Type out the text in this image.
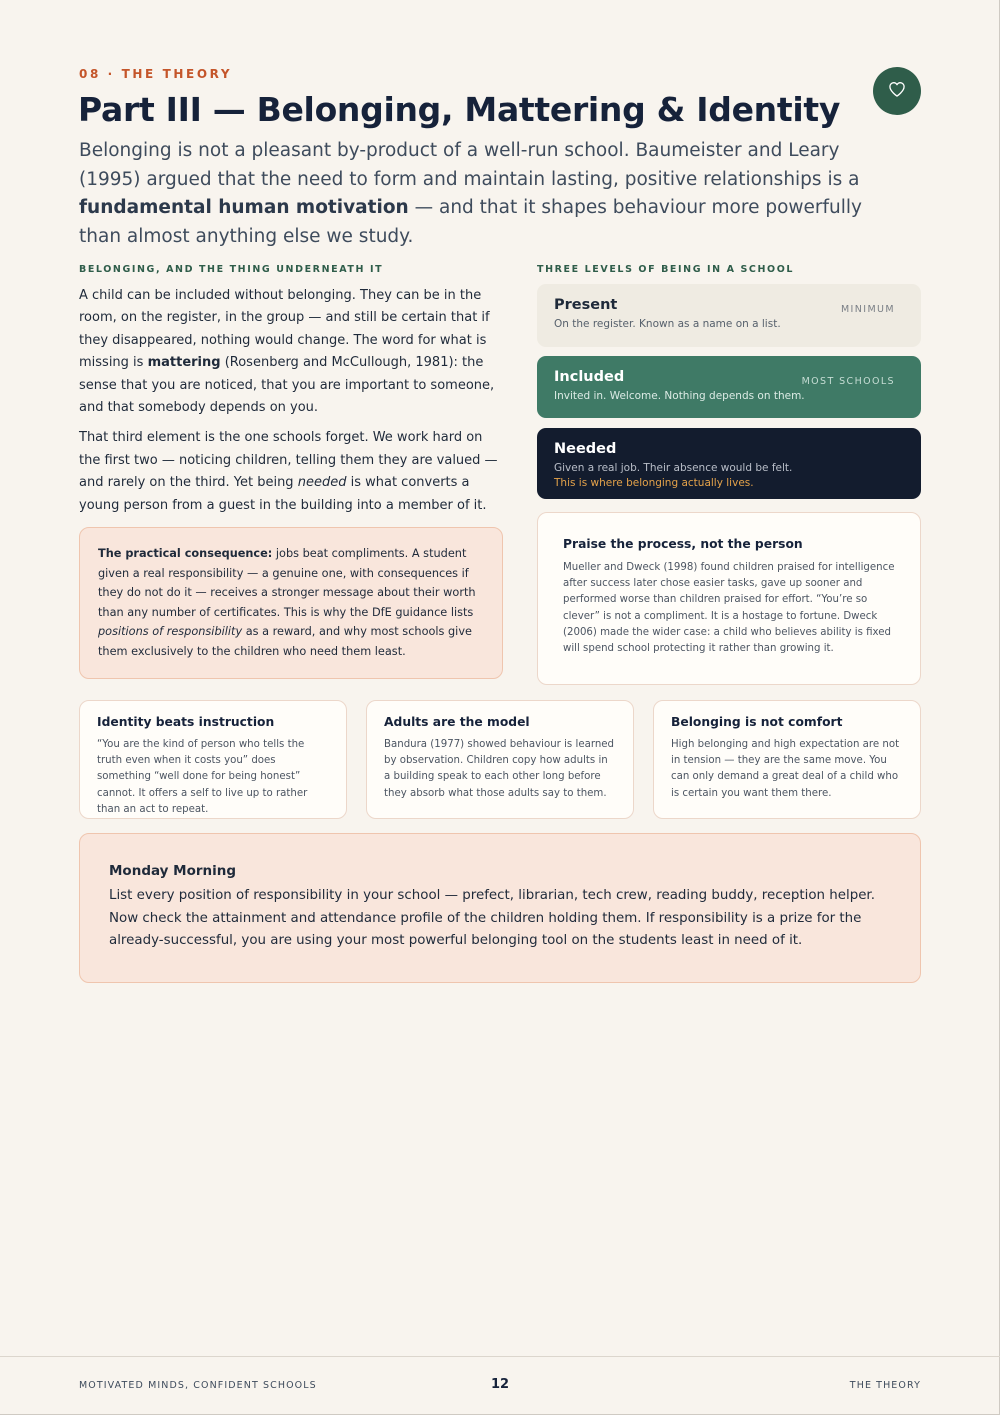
08 · THE THEORY
Part III — Belonging, Mattering & Identity

Belonging is not a pleasant by-product of a well-run school. Baumeister and Leary (1995) argued that the need to form and maintain lasting, positive relationships is a fundamental human motivation — and that it shapes behaviour more powerfully than almost anything else we study.

BELONGING, AND THE THING UNDERNEATH IT

A child can be included without belonging. They can be in the room, on the register, in the group — and still be certain that if they disappeared, nothing would change. The word for what is missing is mattering (Rosenberg and McCullough, 1981): the sense that you are noticed, that you are important to someone, and that somebody depends on you.

That third element is the one schools forget. We work hard on the first two — noticing children, telling them they are valued — and rarely on the third. Yet being needed is what converts a young person from a guest in the building into a member of it.

The practical consequence: jobs beat compliments. A student given a real responsibility — a genuine one, with consequences if they do not do it — receives a stronger message about their worth than any number of certificates. This is why the DfE guidance lists positions of responsibility as a reward, and why most schools give them exclusively to the children who need them least.
THREE LEVELS OF BEING IN A SCHOOL
Present
On the register. Known as a name on a list.
MINIMUM
Included
Invited in. Welcome. Nothing depends on them.
MOST SCHOOLS
Needed
Given a real job. Their absence would be felt.
This is where belonging actually lives.
Praise the process, not the person
Mueller and Dweck (1998) found children praised for intelligence after success later chose easier tasks, gave up sooner and performed worse than children praised for effort. “You’re so clever” is not a compliment. It is a hostage to fortune. Dweck (2006) made the wider case: a child who believes ability is fixed will spend school protecting it rather than growing it.
Identity beats instruction
“You are the kind of person who tells the truth even when it costs you” does something “well done for being honest” cannot. It offers a self to live up to rather than an act to repeat.
Adults are the model
Bandura (1977) showed behaviour is learned by observation. Children copy how adults in a building speak to each other long before they absorb what those adults say to them.
Belonging is not comfort
High belonging and high expectation are not in tension — they are the same move. You can only demand a great deal of a child who is certain you want them there.
Monday Morning
List every position of responsibility in your school — prefect, librarian, tech crew, reading buddy, reception helper. Now check the attainment and attendance profile of the children holding them. If responsibility is a prize for the already-successful, you are using your most powerful belonging tool on the students least in need of it.
MOTIVATED MINDS, CONFIDENT SCHOOLS	12	THE THEORY
